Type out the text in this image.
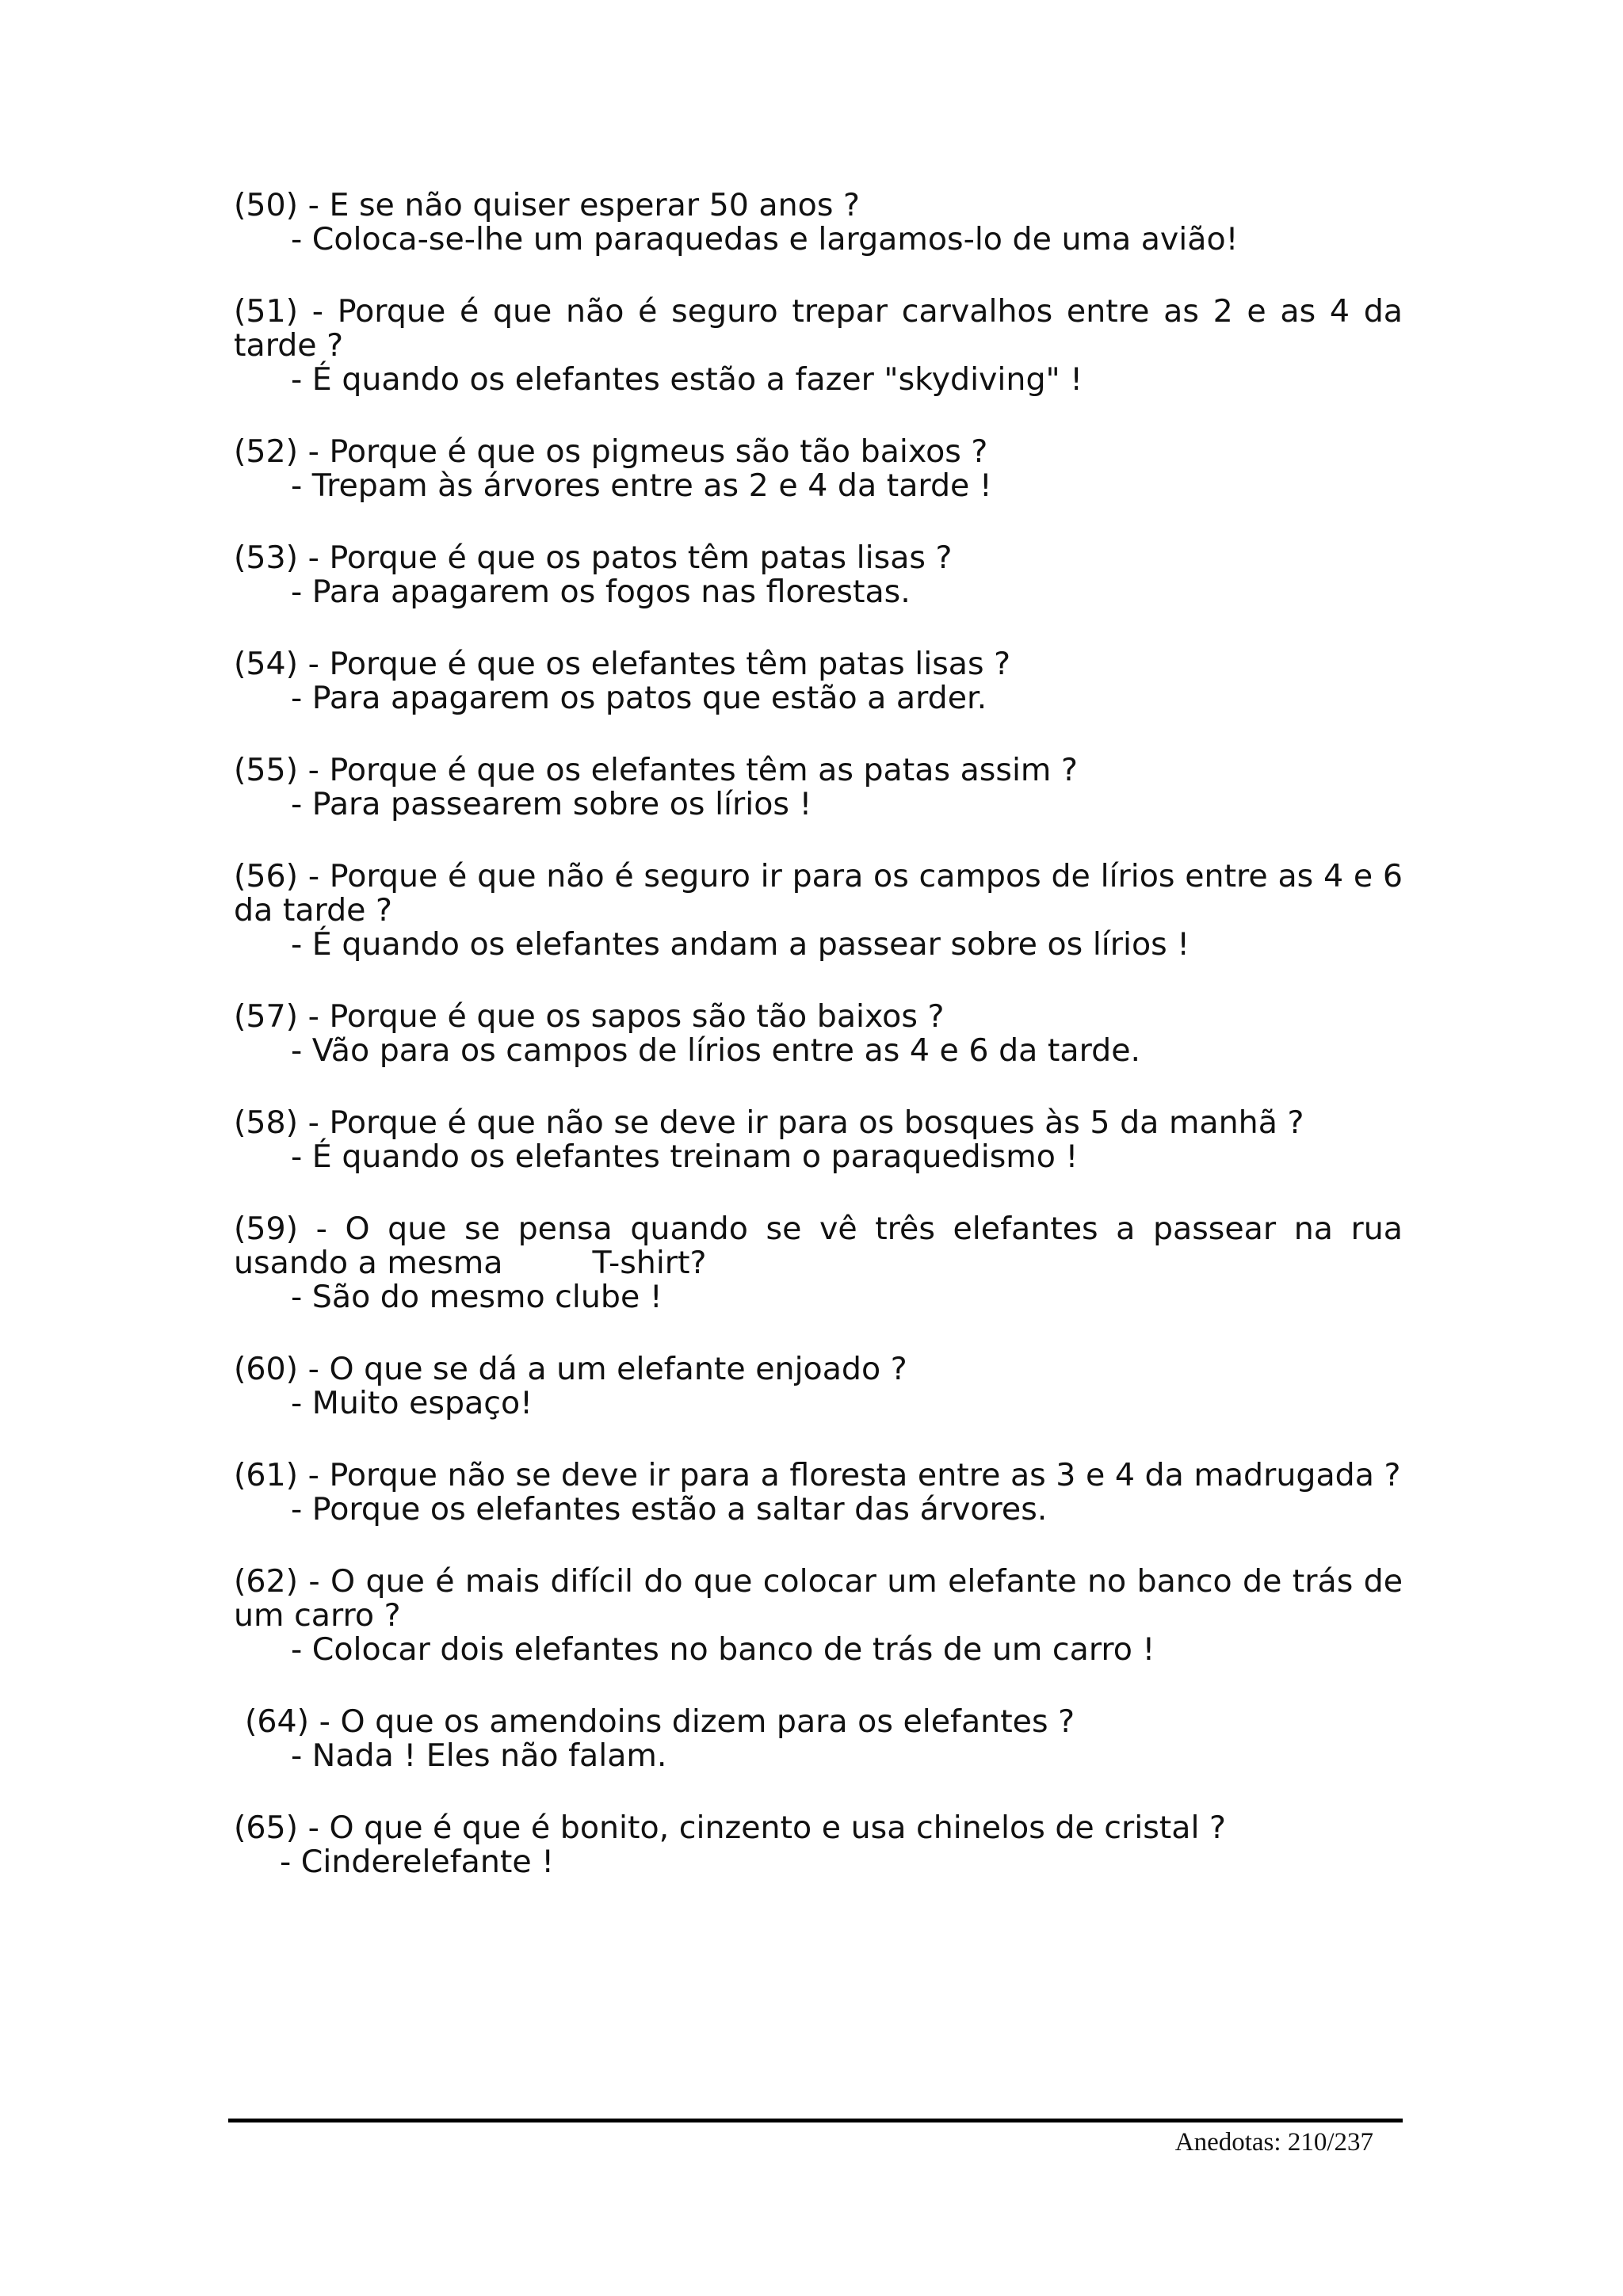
(50) - E se não quiser esperar 50 anos ?
- Coloca-se-lhe um paraquedas e largamos-lo de uma avião!
(51) - Porque é que não é seguro trepar carvalhos entre as 2 e as 4 da tarde ?
- É quando os elefantes estão a fazer "skydiving" !
(52) - Porque é que os pigmeus são tão baixos ?
- Trepam às árvores entre as 2 e 4 da tarde !
(53) - Porque é que os patos têm patas lisas ?
- Para apagarem os fogos nas florestas.
(54) - Porque é que os elefantes têm patas lisas ?
- Para apagarem os patos que estão a arder.
(55) - Porque é que os elefantes têm as patas assim ?
- Para passearem sobre os lírios !
(56) - Porque é que não é seguro ir para os campos de lírios entre as 4 e 6 da tarde ?
- É quando os elefantes andam a passear sobre os lírios !
(57) - Porque é que os sapos são tão baixos ?
- Vão para os campos de lírios entre as 4 e 6 da tarde.
(58) - Porque é que não se deve ir para os bosques às 5 da manhã ?
- É quando os elefantes treinam o paraquedismo !
(59) - O que se pensa quando se vê três elefantes a passear na rua usando a mesma         T-shirt?
- São do mesmo clube !
(60) - O que se dá a um elefante enjoado ?
- Muito espaço!
(61) - Porque não se deve ir para a floresta entre as 3 e 4 da madrugada ?
- Porque os elefantes estão a saltar das árvores.
(62) - O que é mais difícil do que colocar um elefante no banco de trás de um carro ?
- Colocar dois elefantes no banco de trás de um carro !
(64) - O que os amendoins dizem para os elefantes ?
- Nada ! Eles não falam.
(65) - O que é que é bonito, cinzento e usa chinelos de cristal ?
- Cinderelefante !
Anedotas: 210/237
